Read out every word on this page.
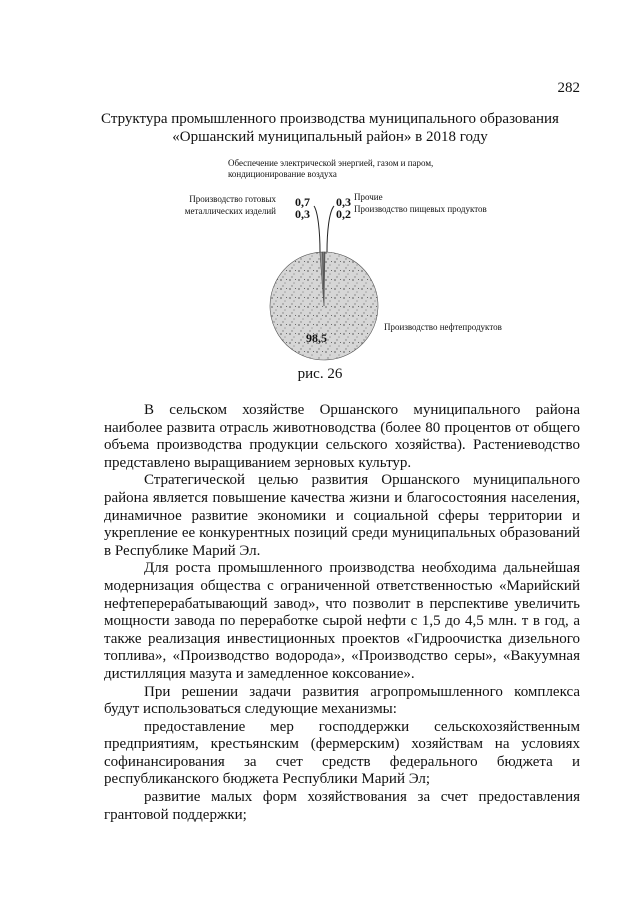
282
Структура промышленного производства муниципального образования
«Оршанский муниципальный район» в 2018 году
98,5
0,7
0,3
0,3
0,2
Производство нефтепродуктов
Производство готовых
металлических изделий
Обеспечение электрической энергией, газом и паром,
кондиционирование воздуха
Прочие
Производство пищевых продуктов
рис. 26

В сельском хозяйстве Оршанского муниципального района наиболее развита отрасль животноводства (более 80 процентов от общего объема производства продукции сельского хозяйства). Растениеводство представлено выращиванием зерновых культур.

Стратегической целью развития Оршанского муниципального района является повышение качества жизни и благосостояния населения, динамичное развитие экономики и социальной сферы территории и укрепление ее конкурентных позиций среди муниципальных образований в Республике Марий Эл.

Для роста промышленного производства необходима дальнейшая модернизация общества с ограниченной ответственностью «Марийский нефтеперерабатывающий завод», что позволит в перспективе увеличить мощности завода по переработке сырой нефти с 1,5 до 4,5 млн. т в год, а также реализация инвестиционных проектов «Гидроочистка дизельного топлива», «Производство водорода», «Производство серы», «Вакуумная дистилляция мазута и замедленное коксование».

При решении задачи развития агропромышленного комплекса будут использоваться следующие механизмы:

предоставление мер господдержки сельскохозяйственным предприятиям, крестьянским (фермерским) хозяйствам на условиях софинансирования за счет средств федерального бюджета и республиканского бюджета Республики Марий Эл;

развитие малых форм хозяйствования за счет предоставления грантовой поддержки;
